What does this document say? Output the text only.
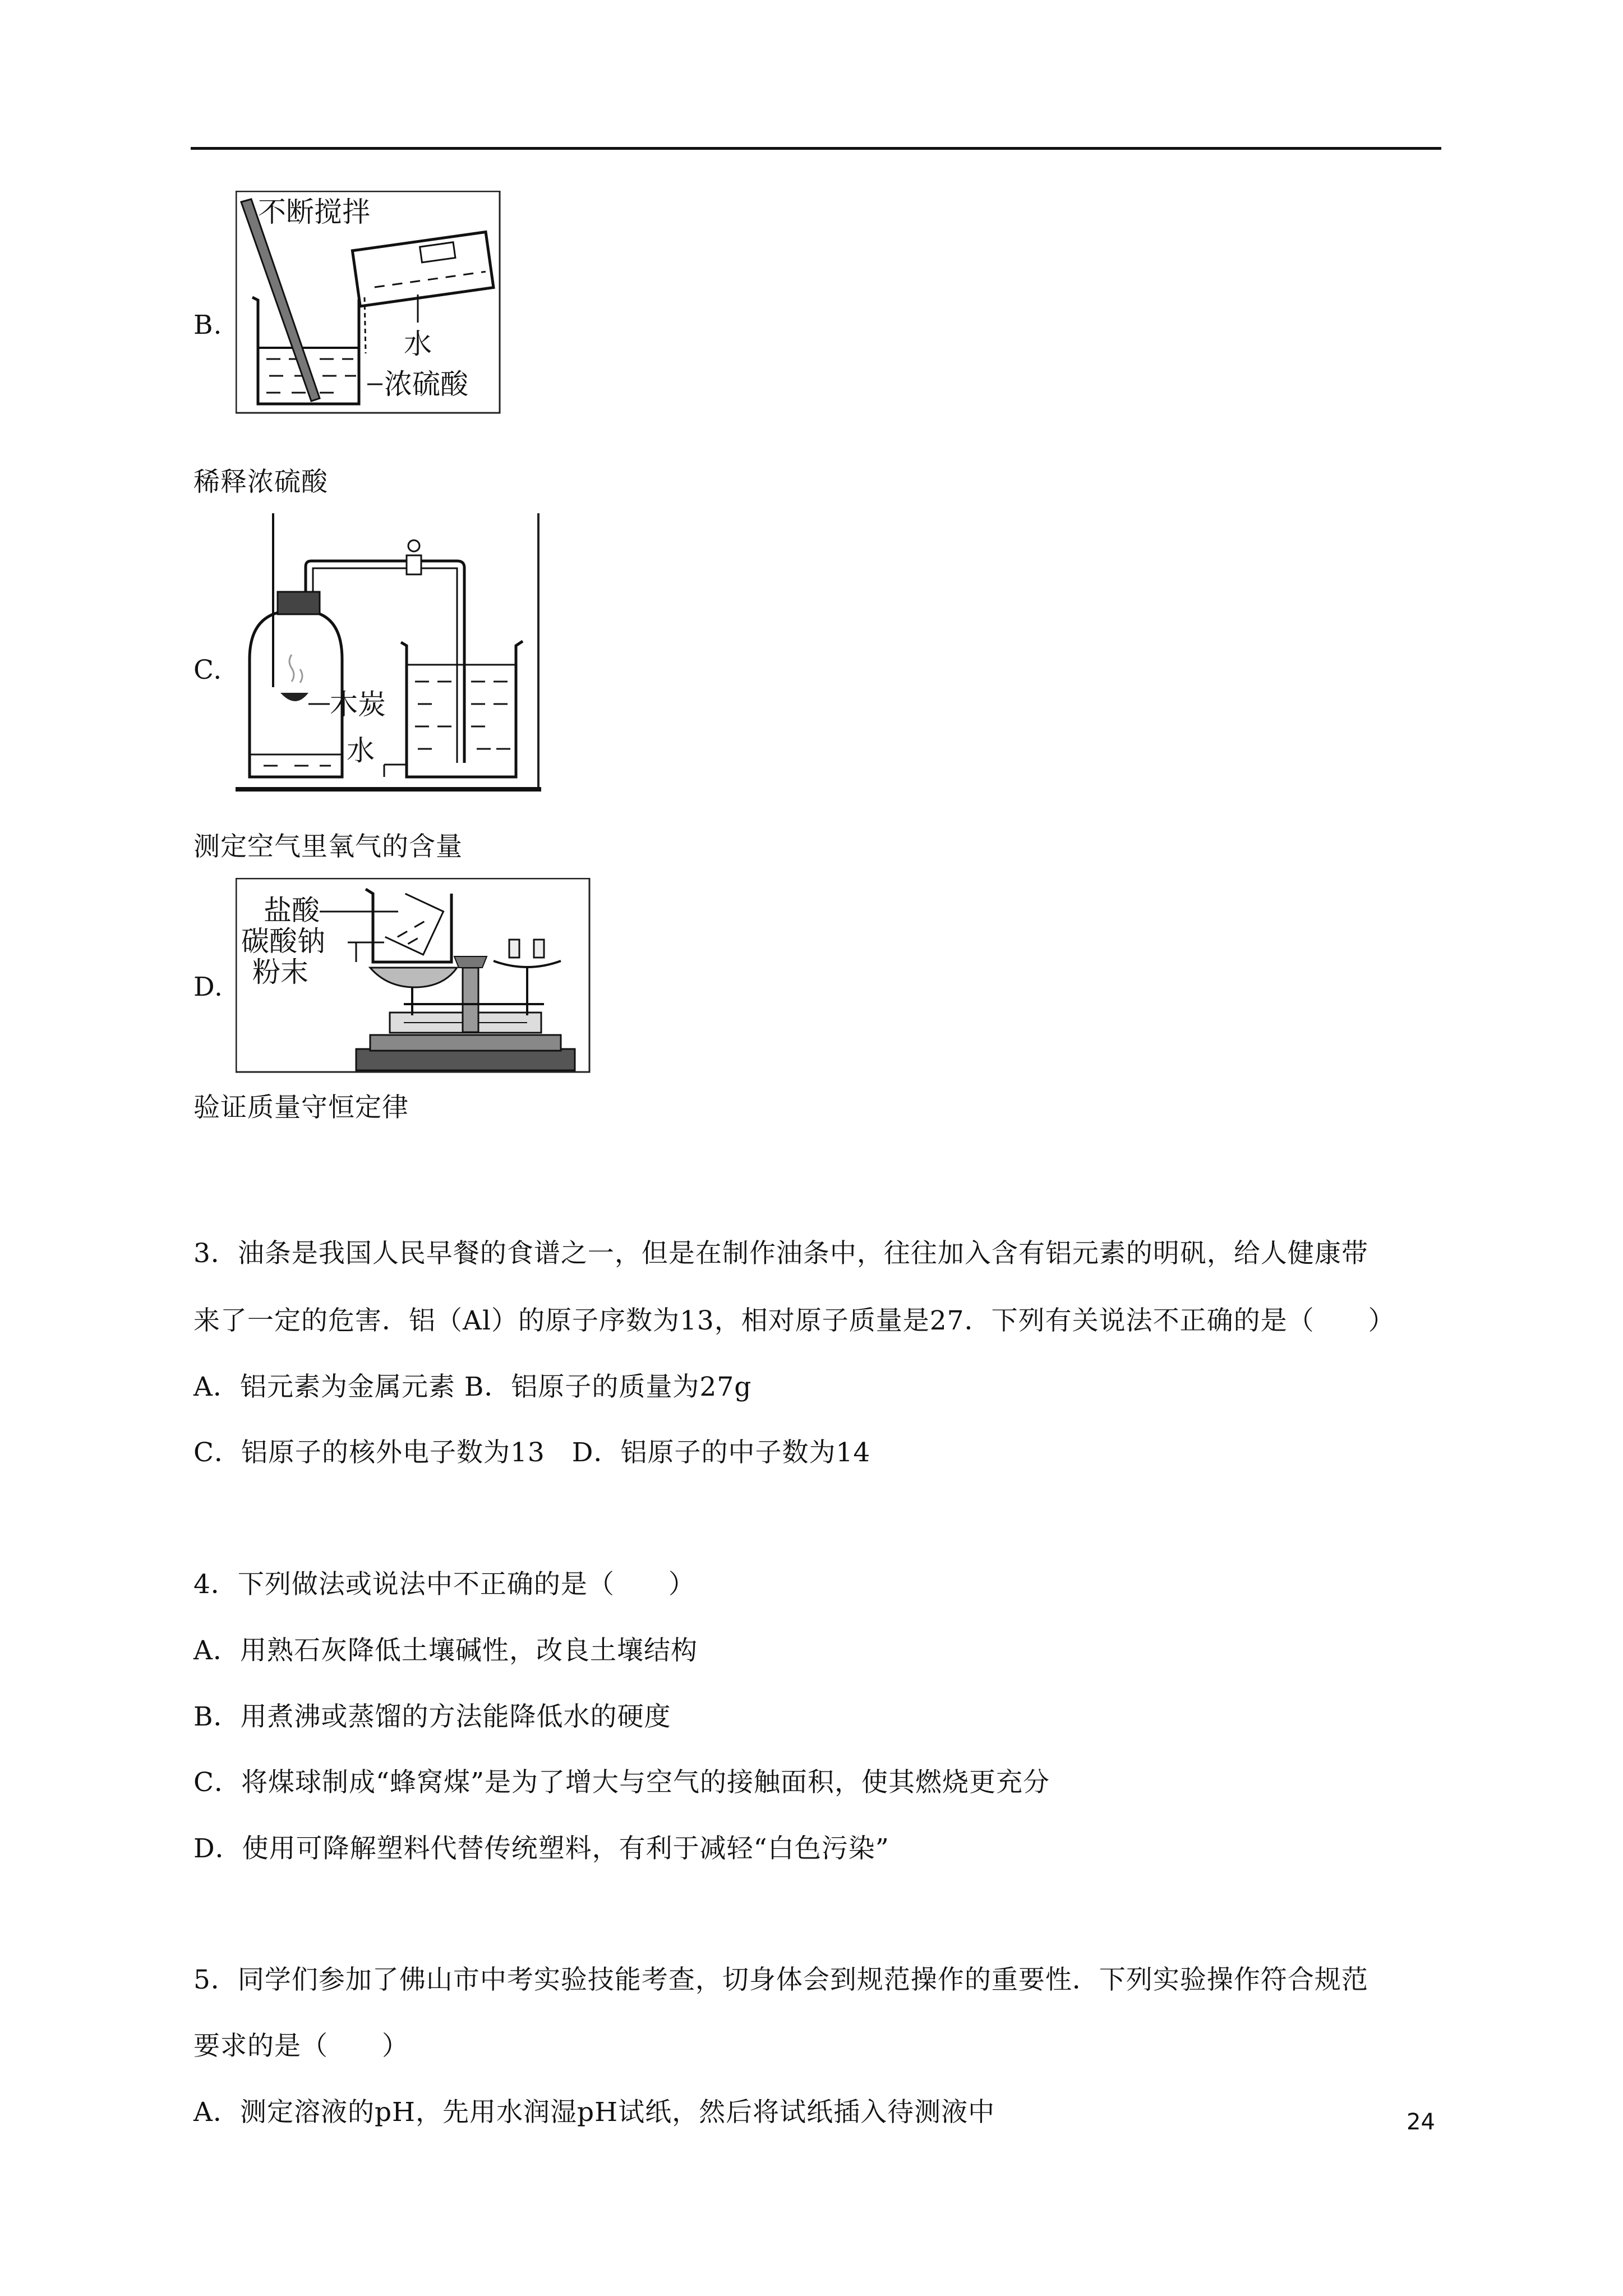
B.
不断搅拌
水
浓硫酸
稀释浓硫酸
C.
木炭
水
测定空气里氧气的含量
D.
盐酸
碳酸钠
粉末
验证质量守恒定律
3．油条是我国人民早餐的食谱之一，但是在制作油条中，往往加入含有铝元素的明矾，给人健康带
来了一定的危害．铝（Al）的原子序数为13，相对原子质量是27．下列有关说法不正确的是（　　）
A．铝元素为金属元素 B．铝原子的质量为27g
C．铝原子的核外电子数为13　D．铝原子的中子数为14
4．下列做法或说法中不正确的是（　　）
A．用熟石灰降低土壤碱性，改良土壤结构
B．用煮沸或蒸馏的方法能降低水的硬度
C．将煤球制成“蜂窝煤”是为了增大与空气的接触面积，使其燃烧更充分
D．使用可降解塑料代替传统塑料，有利于减轻“白色污染”
5．同学们参加了佛山市中考实验技能考查，切身体会到规范操作的重要性．下列实验操作符合规范
要求的是（　　）
A．测定溶液的pH，先用水润湿pH试纸，然后将试纸插入待测液中	24
